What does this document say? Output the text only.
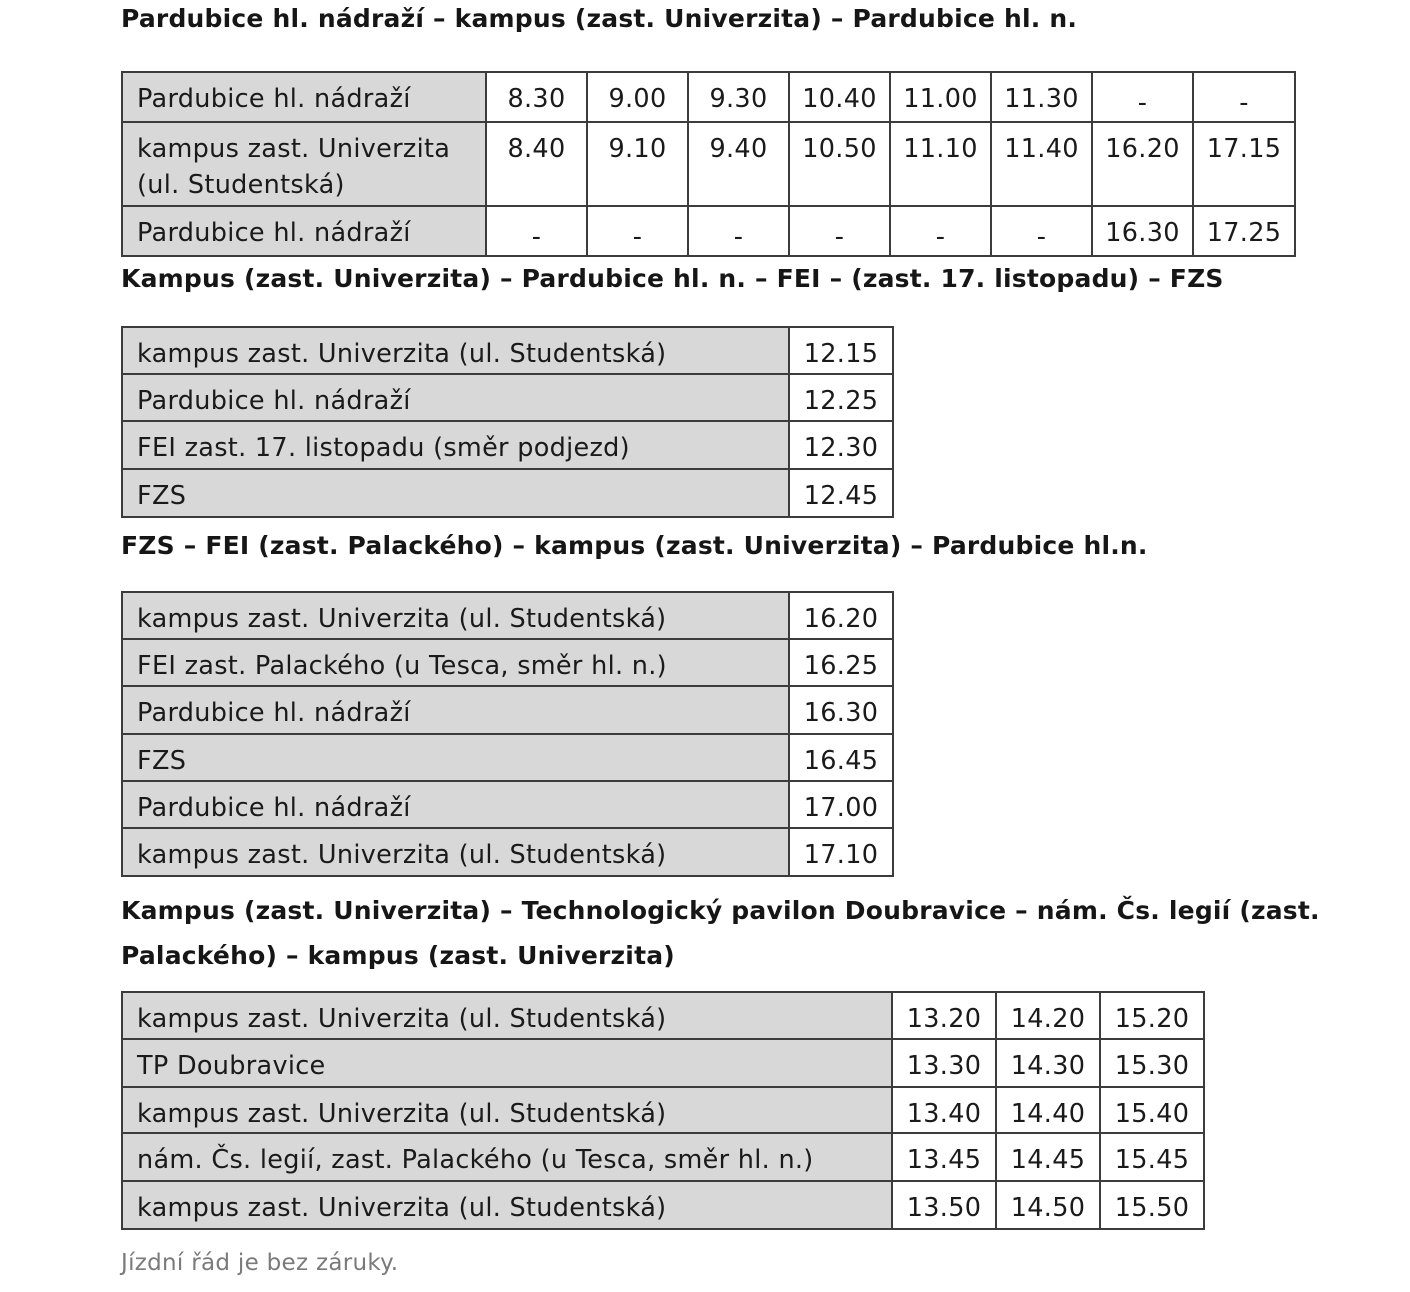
Pardubice hl. nádraží – kampus (zast. Univerzita) – Pardubice hl. n.
Pardubice hl. nádraží	8.30	9.00	9.30	10.40	11.00	11.30	-	-
kampus zast. Univerzita (ul. Studentská)	8.40	9.10	9.40	10.50	11.10	11.40	16.20	17.15
Pardubice hl. nádraží	-	-	-	-	-	-	16.30	17.25
Kampus (zast. Univerzita) – Pardubice hl. n. – FEI – (zast. 17. listopadu) – FZS
kampus zast. Univerzita (ul. Studentská)	12.15
Pardubice hl. nádraží	12.25
FEI zast. 17. listopadu (směr podjezd)	12.30
FZS	12.45
FZS – FEI (zast. Palackého) – kampus (zast. Univerzita) – Pardubice hl.n.
kampus zast. Univerzita (ul. Studentská)	16.20
FEI zast. Palackého (u Tesca, směr hl. n.)	16.25
Pardubice hl. nádraží	16.30
FZS	16.45
Pardubice hl. nádraží	17.00
kampus zast. Univerzita (ul. Studentská)	17.10
Kampus (zast. Univerzita) – Technologický pavilon Doubravice – nám. Čs. legií (zast. Palackého) – kampus (zast. Univerzita)
kampus zast. Univerzita (ul. Studentská)	13.20	14.20	15.20
TP Doubravice	13.30	14.30	15.30
kampus zast. Univerzita (ul. Studentská)	13.40	14.40	15.40
nám. Čs. legií, zast. Palackého (u Tesca, směr hl. n.)	13.45	14.45	15.45
kampus zast. Univerzita (ul. Studentská)	13.50	14.50	15.50

Jízdní řád je bez záruky.
